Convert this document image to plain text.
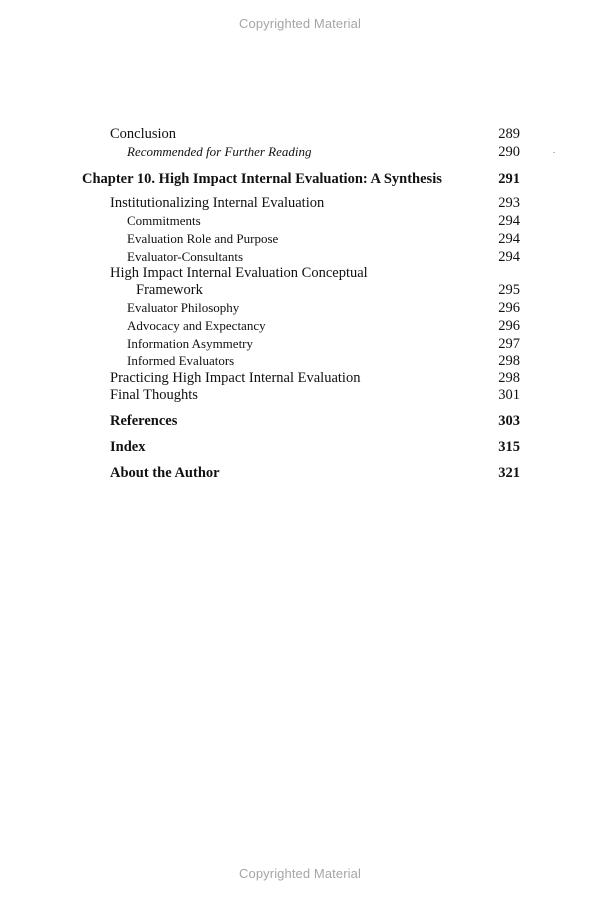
Copyrighted Material
Conclusion	289
Recommended for Further Reading	290
Chapter 10. High Impact Internal Evaluation: A Synthesis	291
Institutionalizing Internal Evaluation	293
Commitments	294
Evaluation Role and Purpose	294
Evaluator-Consultants	294
High Impact Internal Evaluation Conceptual
Framework	295
Evaluator Philosophy	296
Advocacy and Expectancy	296
Information Asymmetry	297
Informed Evaluators	298
Practicing High Impact Internal Evaluation	298
Final Thoughts	301
References	303
Index	315
About the Author	321
Copyrighted Material
